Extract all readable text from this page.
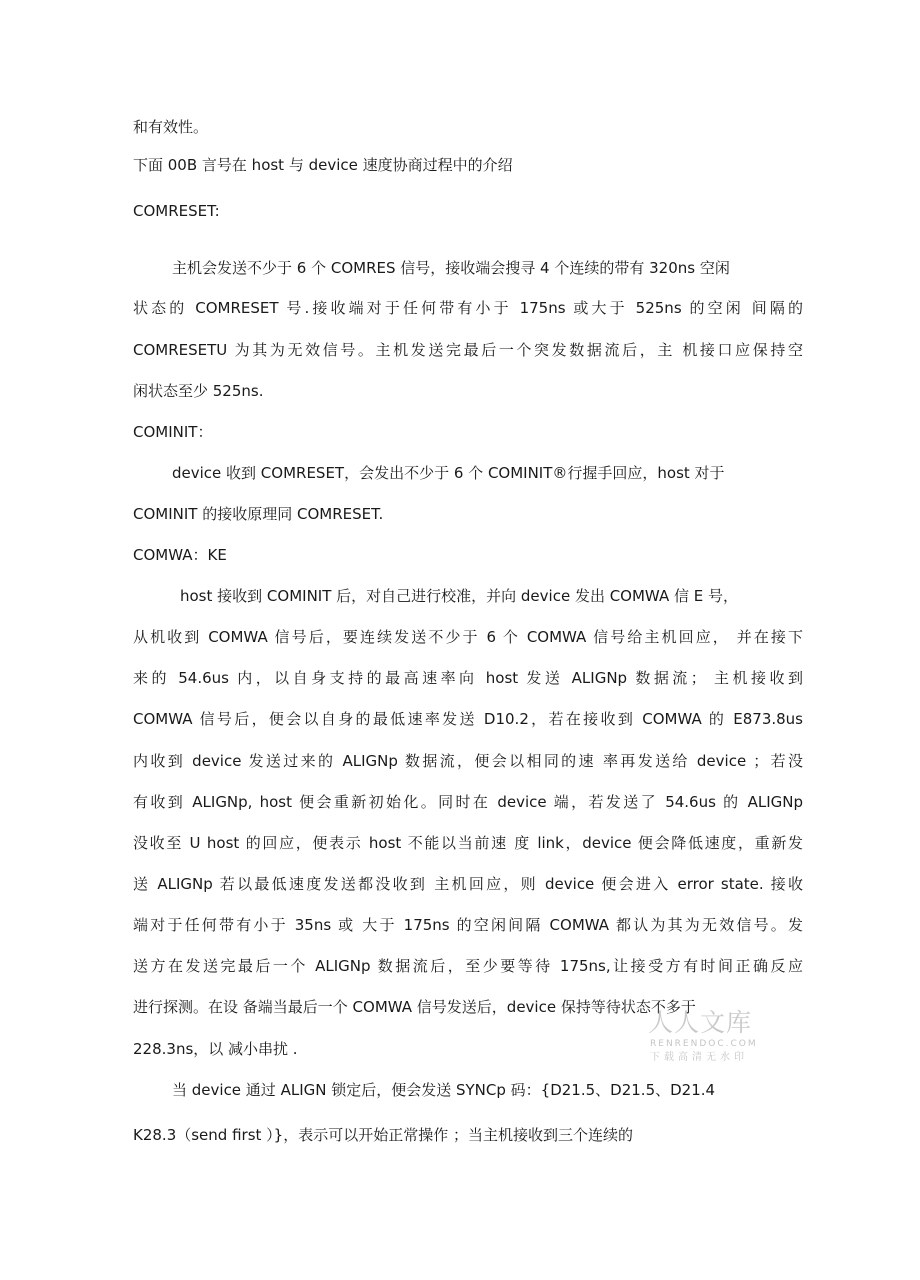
和有效性。
下面 00B 言号在 host 与 device 速度协商过程中的介绍
COMRESET:
主机会发送不少于 6 个 COMRES 信号，接收端会搜寻 4 个连续的带有 320ns 空闲
状态的 COMRESET 号.接收端对于任何带有小于 175ns 或大于 525ns 的空闲 间隔的
COMRESETU 为其为无效信号。主机发送完最后一个突发数据流后，主 机接口应保持空
闲状态至少 525ns.
COMINIT：
device 收到 COMRESET，会发出不少于 6 个 COMINIT®行握手回应，host 对于
COMINIT 的接收原理同 COMRESET.
COMWA：KE
host 接收到 COMINIT 后，对自己进行校准，并向 device 发出 COMWA 信 E 号，
从机收到 COMWA 信号后，要连续发送不少于 6 个 COMWA 信号给主机回应， 并在接下
来的 54.6us 内，以自身支持的最高速率向 host 发送 ALIGNp 数据流； 主机接收到
COMWA 信号后，便会以自身的最低速率发送 D10.2，若在接收到 COMWA 的 E873.8us
内收到 device 发送过来的 ALIGNp 数据流，便会以相同的速 率再发送给 device ；若没
有收到 ALIGNp, host 便会重新初始化。同时在 device 端，若发送了 54.6us 的 ALIGNp
没收至 U host 的回应，便表示 host 不能以当前速 度 link，device 便会降低速度，重新发
送 ALIGNp 若以最低速度发送都没收到 主机回应，则 device 便会进入 error state. 接收
端对于任何带有小于 35ns 或 大于 175ns 的空闲间隔 COMWA 都认为其为无效信号。发
送方在发送完最后一个 ALIGNp 数据流后，至少要等待 175ns,让接受方有时间正确反应
进行探测。在设 备端当最后一个 COMWA 信号发送后，device 保持等待状态不多于
228.3ns，以 减小串扰 .
当 device 通过 ALIGN 锁定后，便会发送 SYNCp 码：{D21.5、D21.5、D21.4
K28.3（send first ）}，表示可以开始正常操作 ；当主机接收到三个连续的
人人文库
RENRENDOC.COM
下载高清无水印
